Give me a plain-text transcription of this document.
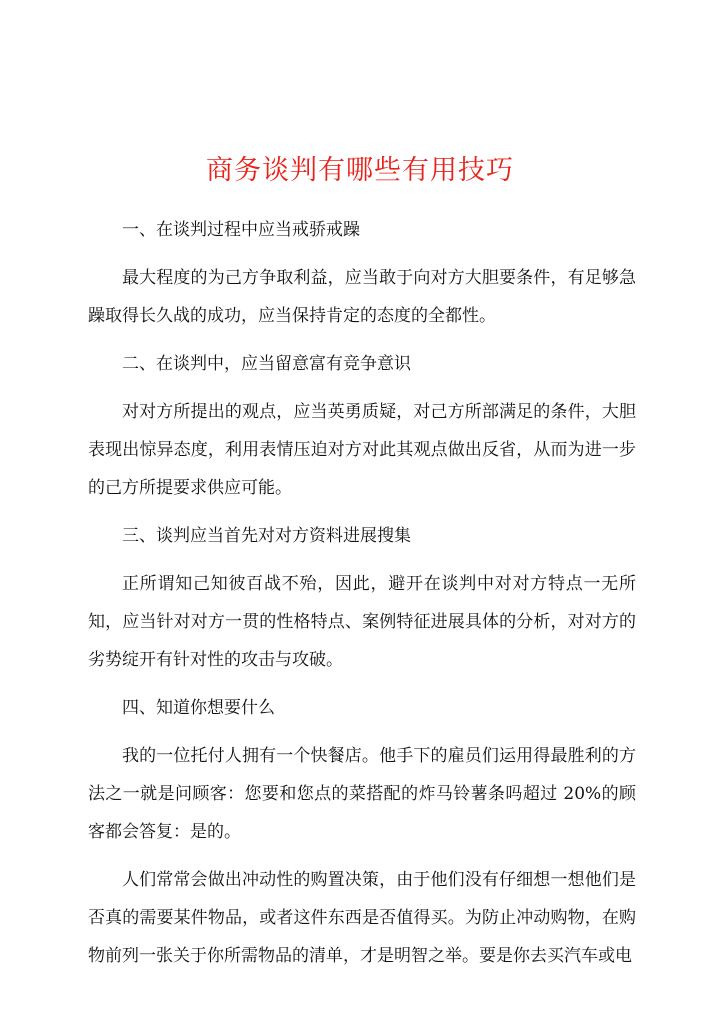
商务谈判有哪些有用技巧

一、在谈判过程中应当戒骄戒躁

最大程度的为己方争取利益，应当敢于向对方大胆要条件，有足够急躁取得长久战的成功，应当保持肯定的态度的全都性。

二、在谈判中，应当留意富有竞争意识

对对方所提出的观点，应当英勇质疑，对己方所部满足的条件，大胆表现出惊异态度，利用表情压迫对方对此其观点做出反省，从而为进一步的己方所提要求供应可能。

三、谈判应当首先对对方资料进展搜集

正所谓知己知彼百战不殆，因此，避开在谈判中对对方特点一无所知，应当针对对方一贯的性格特点、案例特征进展具体的分析，对对方的劣势绽开有针对性的攻击与攻破。

四、知道你想要什么

我的一位托付人拥有一个快餐店。他手下的雇员们运用得最胜利的方法之一就是问顾客：您要和您点的菜搭配的炸马铃薯条吗超过 20%的顾客都会答复：是的。

人们常常会做出冲动性的购置决策，由于他们没有仔细想一想他们是否真的需要某件物品，或者这件东西是否值得买。为防止冲动购物，在购物前列一张关于你所需物品的清单，才是明智之举。要是你去买汽车或电
